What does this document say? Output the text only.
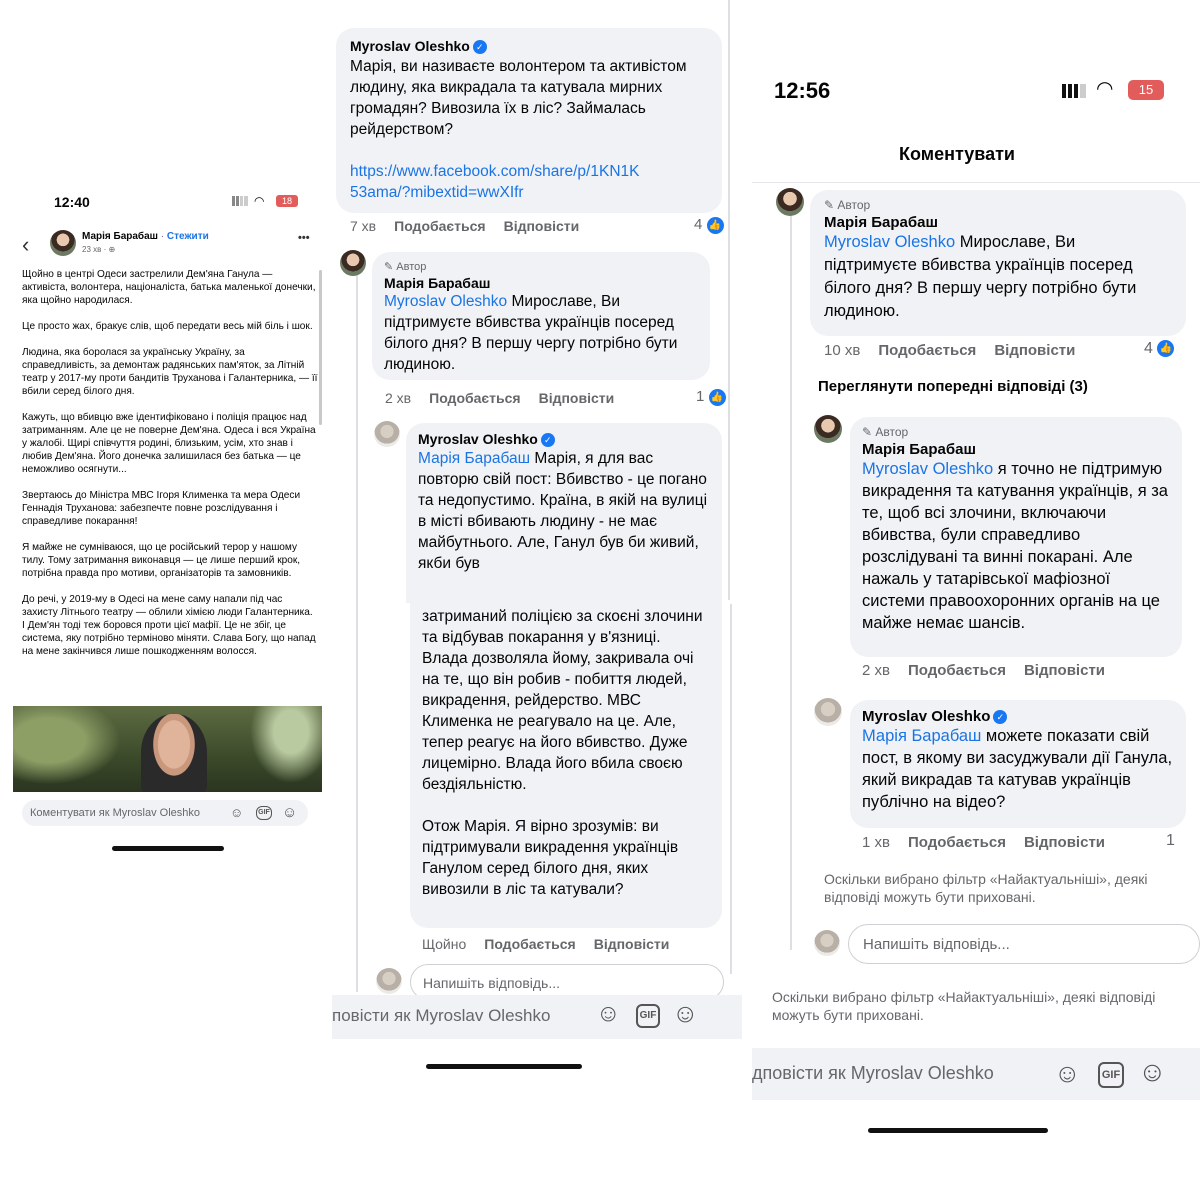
12:40	◠	18
‹	Марія Барабаш · Стежити
23 хв · ⊕
•••

Щойно в центрі Одеси застрелили Дем'яна Ганула — активіста, волонтера, націоналіста, батька маленької донечки, яка щойно народилася.

Це просто жах, бракує слів, щоб передати весь мій біль і шок.

Людина, яка боролася за українську Україну, за справедливість, за демонтаж радянських пам'яток, за Літній театр у 2017-му проти бандитів Труханова і Галантерника, — її вбили серед білого дня.

Кажуть, що вбивцю вже ідентифіковано і поліція працює над затриманням. Але це не поверне Дем'яна. Одеса і вся Україна у жалобі. Щирі співчуття родині, близьким, усім, хто знав і любив Дем'яна. Його донечка залишилася без батька — це неможливо осягнути...

Звертаюсь до Міністра МВС Ігоря Клименка та мера Одеси Геннадія Труханова: забезпечте повне розслідування і справедливе покарання!

Я майже не сумніваюся, що це російський терор у нашому тилу. Тому затримання виконавця — це лише перший крок, потрібна правда про мотиви, організаторів та замовників.

До речі, у 2019-му в Одесі на мене саму напали під час захисту Літнього театру — облили хімією люди Галантерника. І Дем'ян тоді теж боровся проти цієї мафії. Це не збіг, це система, яку потрібно терміново міняти. Слава Богу, що напад на мене закінчився лише пошкодженням волосся.

Коментувати як Myroslav Oleshko ☺	GIF ☺
Myroslav Oleshko ✓
Марія, ви називаєте волонтером та активістом людину, яка викрадала та катувала мирних громадян? Вивозила їх в ліс? Займалась рейдерством?
https://www.facebook.com/share/p/1KN1K53ama/?mibextid=wwXIfr
7 хв Подобається Відповісти	4 👍
✎ Автор
Марія Барабаш
Myroslav Oleshko Мирославе, Ви підтримуєте вбивства українців посеред білого дня? В першу чергу потрібно бути людиною.
2 хв Подобається Відповісти	1 👍
Myroslav Oleshko ✓
Марія Барабаш Марія, я для вас повторю свій пост: Вбивство - це погано та недопустимо. Країна, в якій на вулиці в місті вбивають людину - не має майбутнього. Але, Ганул був би живий, якби був
затриманий поліцією за скоєні злочини та відбував покарання у в'язниці. Влада дозволяла йому, закривала очі на те, що він робив - побиття людей, викрадення, рейдерство. МВС Клименка не реагувало на це. Але, тепер реагує на його вбивство. Дуже лицемірно. Влада його вбила своєю бездіяльністю.
Отож Марія. Я вірно зрозумів: ви підтримували викрадення українців Ганулом серед білого дня, яких вивозили в ліс та катували?
Щойно Подобається Відповісти
Напишіть відповідь...
повісти як Myroslav Oleshko ☺	GIF ☺
12:56	◠	15
Коментувати
✎ Автор
Марія Барабаш
Myroslav Oleshko Мирославе, Ви підтримуєте вбивства українців посеред білого дня? В першу чергу потрібно бути людиною.
10 хв Подобається Відповісти	4 👍
Переглянути попередні відповіді (3)
✎ Автор
Марія Барабаш
Myroslav Oleshko я точно не підтримую викрадення та катування українців, я за те, щоб всі злочини, включаючи вбивства, були справедливо розслідувані та винні покарані. Але нажаль у татарівської мафіозної системи правоохоронних органів на це майже немає шансів.
2 хв Подобається Відповісти
Myroslav Oleshko ✓
Марія Барабаш можете показати свій пост, в якому ви засуджували дії Ганула, який викрадав та катував українців публічно на відео?
1 хв Подобається Відповісти	1
Оскільки вибрано фільтр «Найактуальніші», деякі відповіді можуть бути приховані.
Напишіть відповідь...
Оскільки вибрано фільтр «Найактуальніші», деякі відповіді можуть бути приховані.
дповісти як Myroslav Oleshko ☺	GIF ☺
